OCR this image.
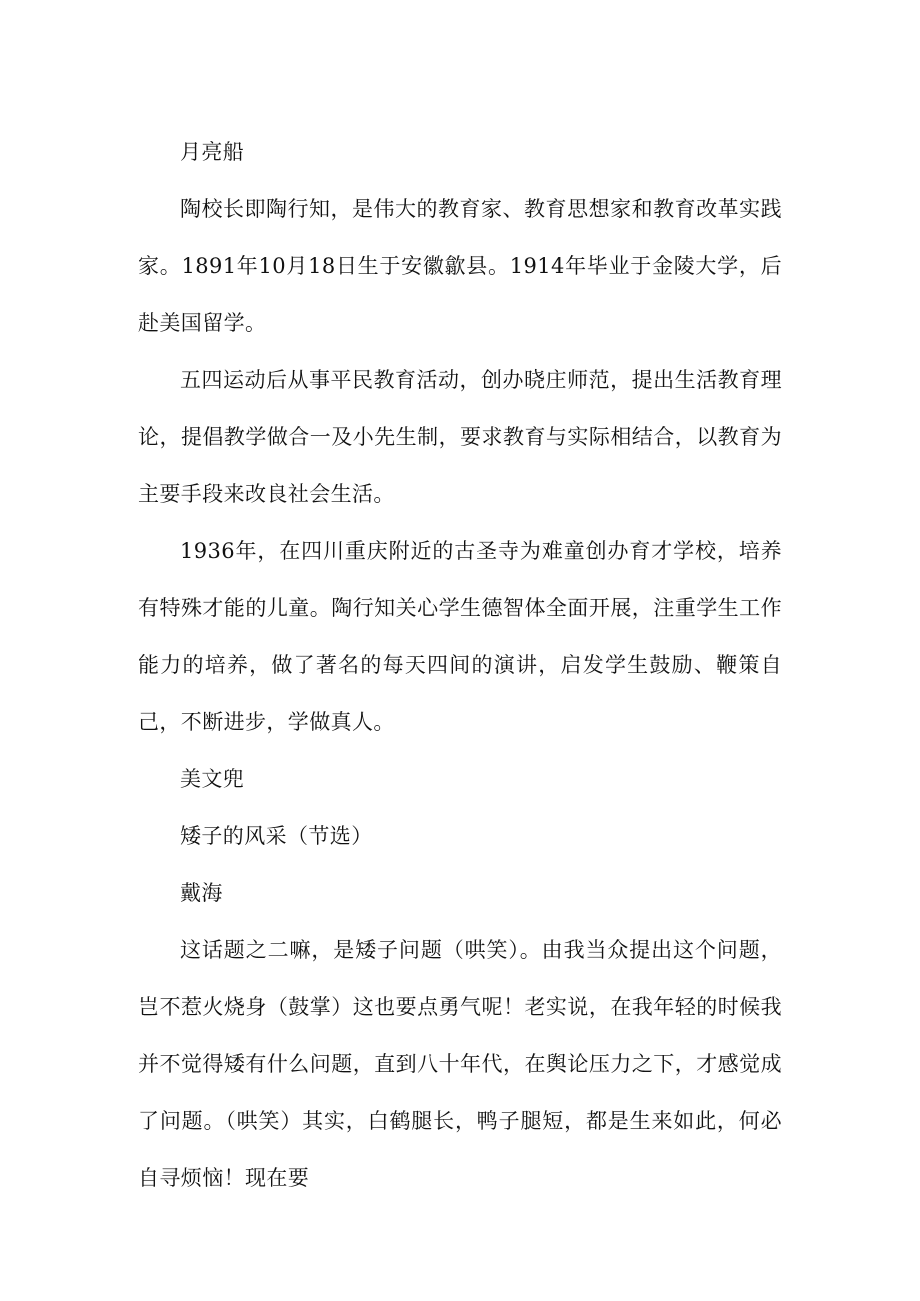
月亮船

陶校长即陶行知，是伟大的教育家、教育思想家和教育改革实践家。1891年10月18日生于安徽歙县。1914年毕业于金陵大学，后赴美国留学。

五四运动后从事平民教育活动，创办晓庄师范，提出生活教育理论，提倡教学做合一及小先生制，要求教育与实际相结合，以教育为主要手段来改良社会生活。

1936年，在四川重庆附近的古圣寺为难童创办育才学校，培养有特殊才能的儿童。陶行知关心学生德智体全面开展，注重学生工作能力的培养，做了著名的每天四间的演讲，启发学生鼓励、鞭策自己，不断进步，学做真人。

美文兜

矮子的风采（节选）

戴海

这话题之二嘛，是矮子问题（哄笑）。由我当众提出这个问题，岂不惹火烧身（鼓掌）这也要点勇气呢！老实说，在我年轻的时候我并不觉得矮有什么问题，直到八十年代，在舆论压力之下，才感觉成了问题。（哄笑）其实，白鹤腿长，鸭子腿短，都是生来如此，何必自寻烦恼！现在要
